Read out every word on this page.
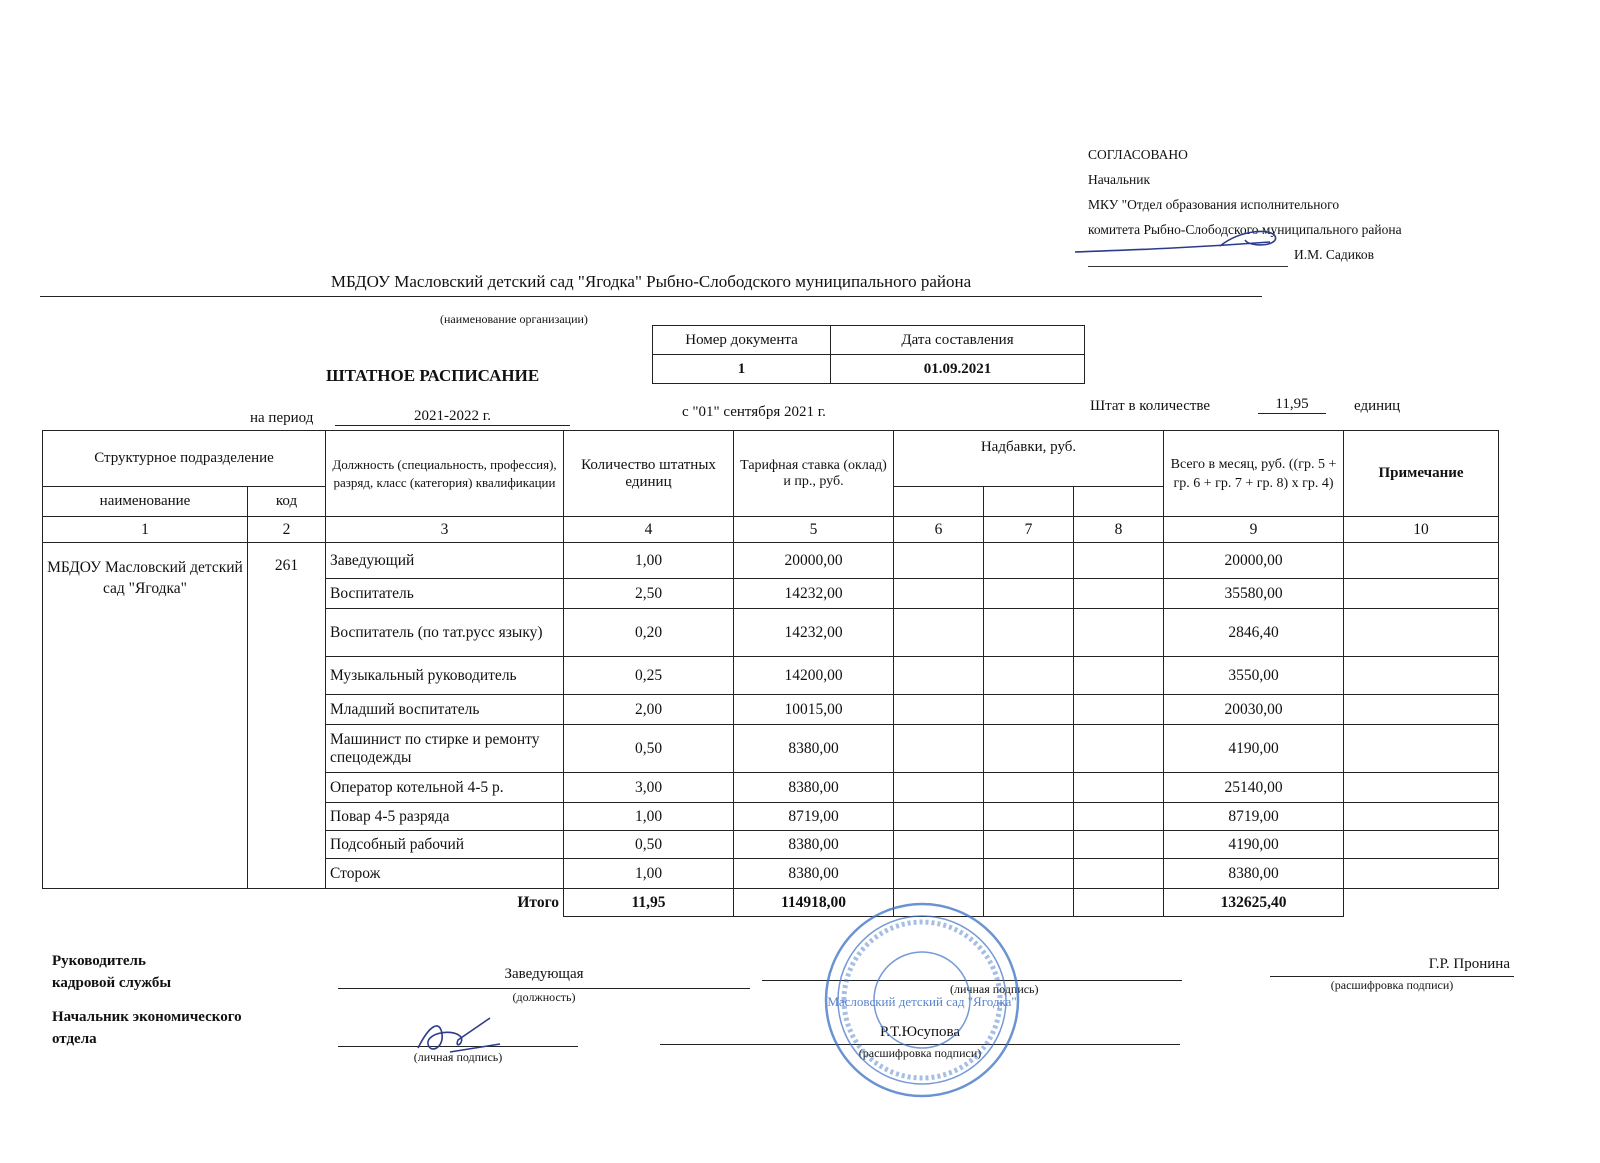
СОГЛАСОВАНО
Начальник
МКУ "Отдел образования исполнительного
комитета Рыбно-Слободского муниципального района
И.М. Садиков
МБДОУ Масловский детский сад "Ягодка" Рыбно-Слободского муниципального района
(наименование организации)
Номер документа	Дата составления
1	01.09.2021
ШТАТНОЕ РАСПИСАНИЕ
на период	2021-2022 г.	с "01" сентября 2021 г.	Штат в количестве	11,95	единиц
Структурное подразделение		Должность (специальность, профессия), разряд, класс (категория) квалификации	Количество штатных единиц	Тарифная ставка (оклад) и пр., руб.	Надбавки, руб.			Всего в месяц, руб. ((гр. 5 + гр. 6 + гр. 7 + гр. 8) х гр. 4)	Примечание
наименование	код								
1	2	3	4	5	6	7	8	9	10
МБДОУ Масловский детский сад "Ягодка"	261	Заведующий	1,00	20000,00				20000,00	
		Воспитатель	2,50	14232,00				35580,00	
		Воспитатель (по тат.русс языку)	0,20	14232,00				2846,40	
		Музыкальный руководитель	0,25	14200,00				3550,00	
		Младший воспитатель	2,00	10015,00				20030,00	
		Машинист по стирке и ремонту спецодежды	0,50	8380,00				4190,00	
		Оператор котельной 4-5 р.	3,00	8380,00				25140,00	
		Повар 4-5 разряда	1,00	8719,00				8719,00	
		Подсобный рабочий	0,50	8380,00				4190,00	
		Сторож	1,00	8380,00				8380,00	
Итого			11,95	114918,00				132625,40	
Руководитель
кадровой службы
Заведующая
(должность)
(личная подпись)
Г.Р. Пронина
(расшифровка подписи)
Начальник экономического
отдела
(личная подпись)
Р.Т.Юсупова
(расшифровка подписи)
Масловский детский сад "Ягодка"
